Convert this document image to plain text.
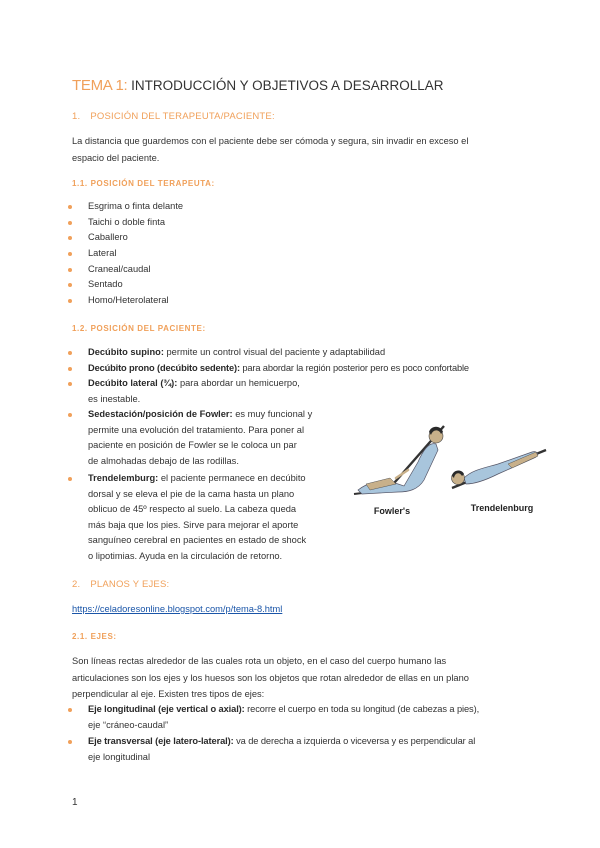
TEMA 1: INTRODUCCIÓN Y OBJETIVOS A DESARROLLAR
1. POSICIÓN DEL TERAPEUTA/PACIENTE:
La distancia que guardemos con el paciente debe ser cómoda y segura, sin invadir en exceso el
espacio del paciente.
1.1. POSICIÓN DEL TERAPEUTA:
Esgrima o finta delante
Taichi o doble finta
Caballero
Lateral
Craneal/caudal
Sentado
Homo/Heterolateral
1.2. POSICIÓN DEL PACIENTE:
Decúbito supino: permite un control visual del paciente y adaptabilidad
Decúbito prono (decúbito sedente): para abordar la región posterior pero es poco confortable
Decúbito lateral (¾): para abordar un hemicuerpo,
es inestable.
Sedestación/posición de Fowler: es muy funcional y
permite una evolución del tratamiento. Para poner al
paciente en posición de Fowler se le coloca un par
de almohadas debajo de las rodillas.
Trendelemburg: el paciente permanece en decúbito
dorsal y se eleva el pie de la cama hasta un plano
oblicuo de 45º respecto al suelo. La cabeza queda
más baja que los pies. Sirve para mejorar el aporte
sanguíneo cerebral en pacientes en estado de shock
o lipotimias. Ayuda en la circulación de retorno.
Fowler's	Trendelenburg
2. PLANOS Y EJES:
https://celadoresonline.blogspot.com/p/tema-8.html
2.1. EJES:
Son líneas rectas alrededor de las cuales rota un objeto, en el caso del cuerpo humano las
articulaciones son los ejes y los huesos son los objetos que rotan alrededor de ellas en un plano
perpendicular al eje. Existen tres tipos de ejes:
Eje longitudinal (eje vertical o axial): recorre el cuerpo en toda su longitud (de cabezas a pies),
eje “cráneo-caudal”
Eje transversal (eje latero-lateral): va de derecha a izquierda o viceversa y es perpendicular al
eje longitudinal
1
